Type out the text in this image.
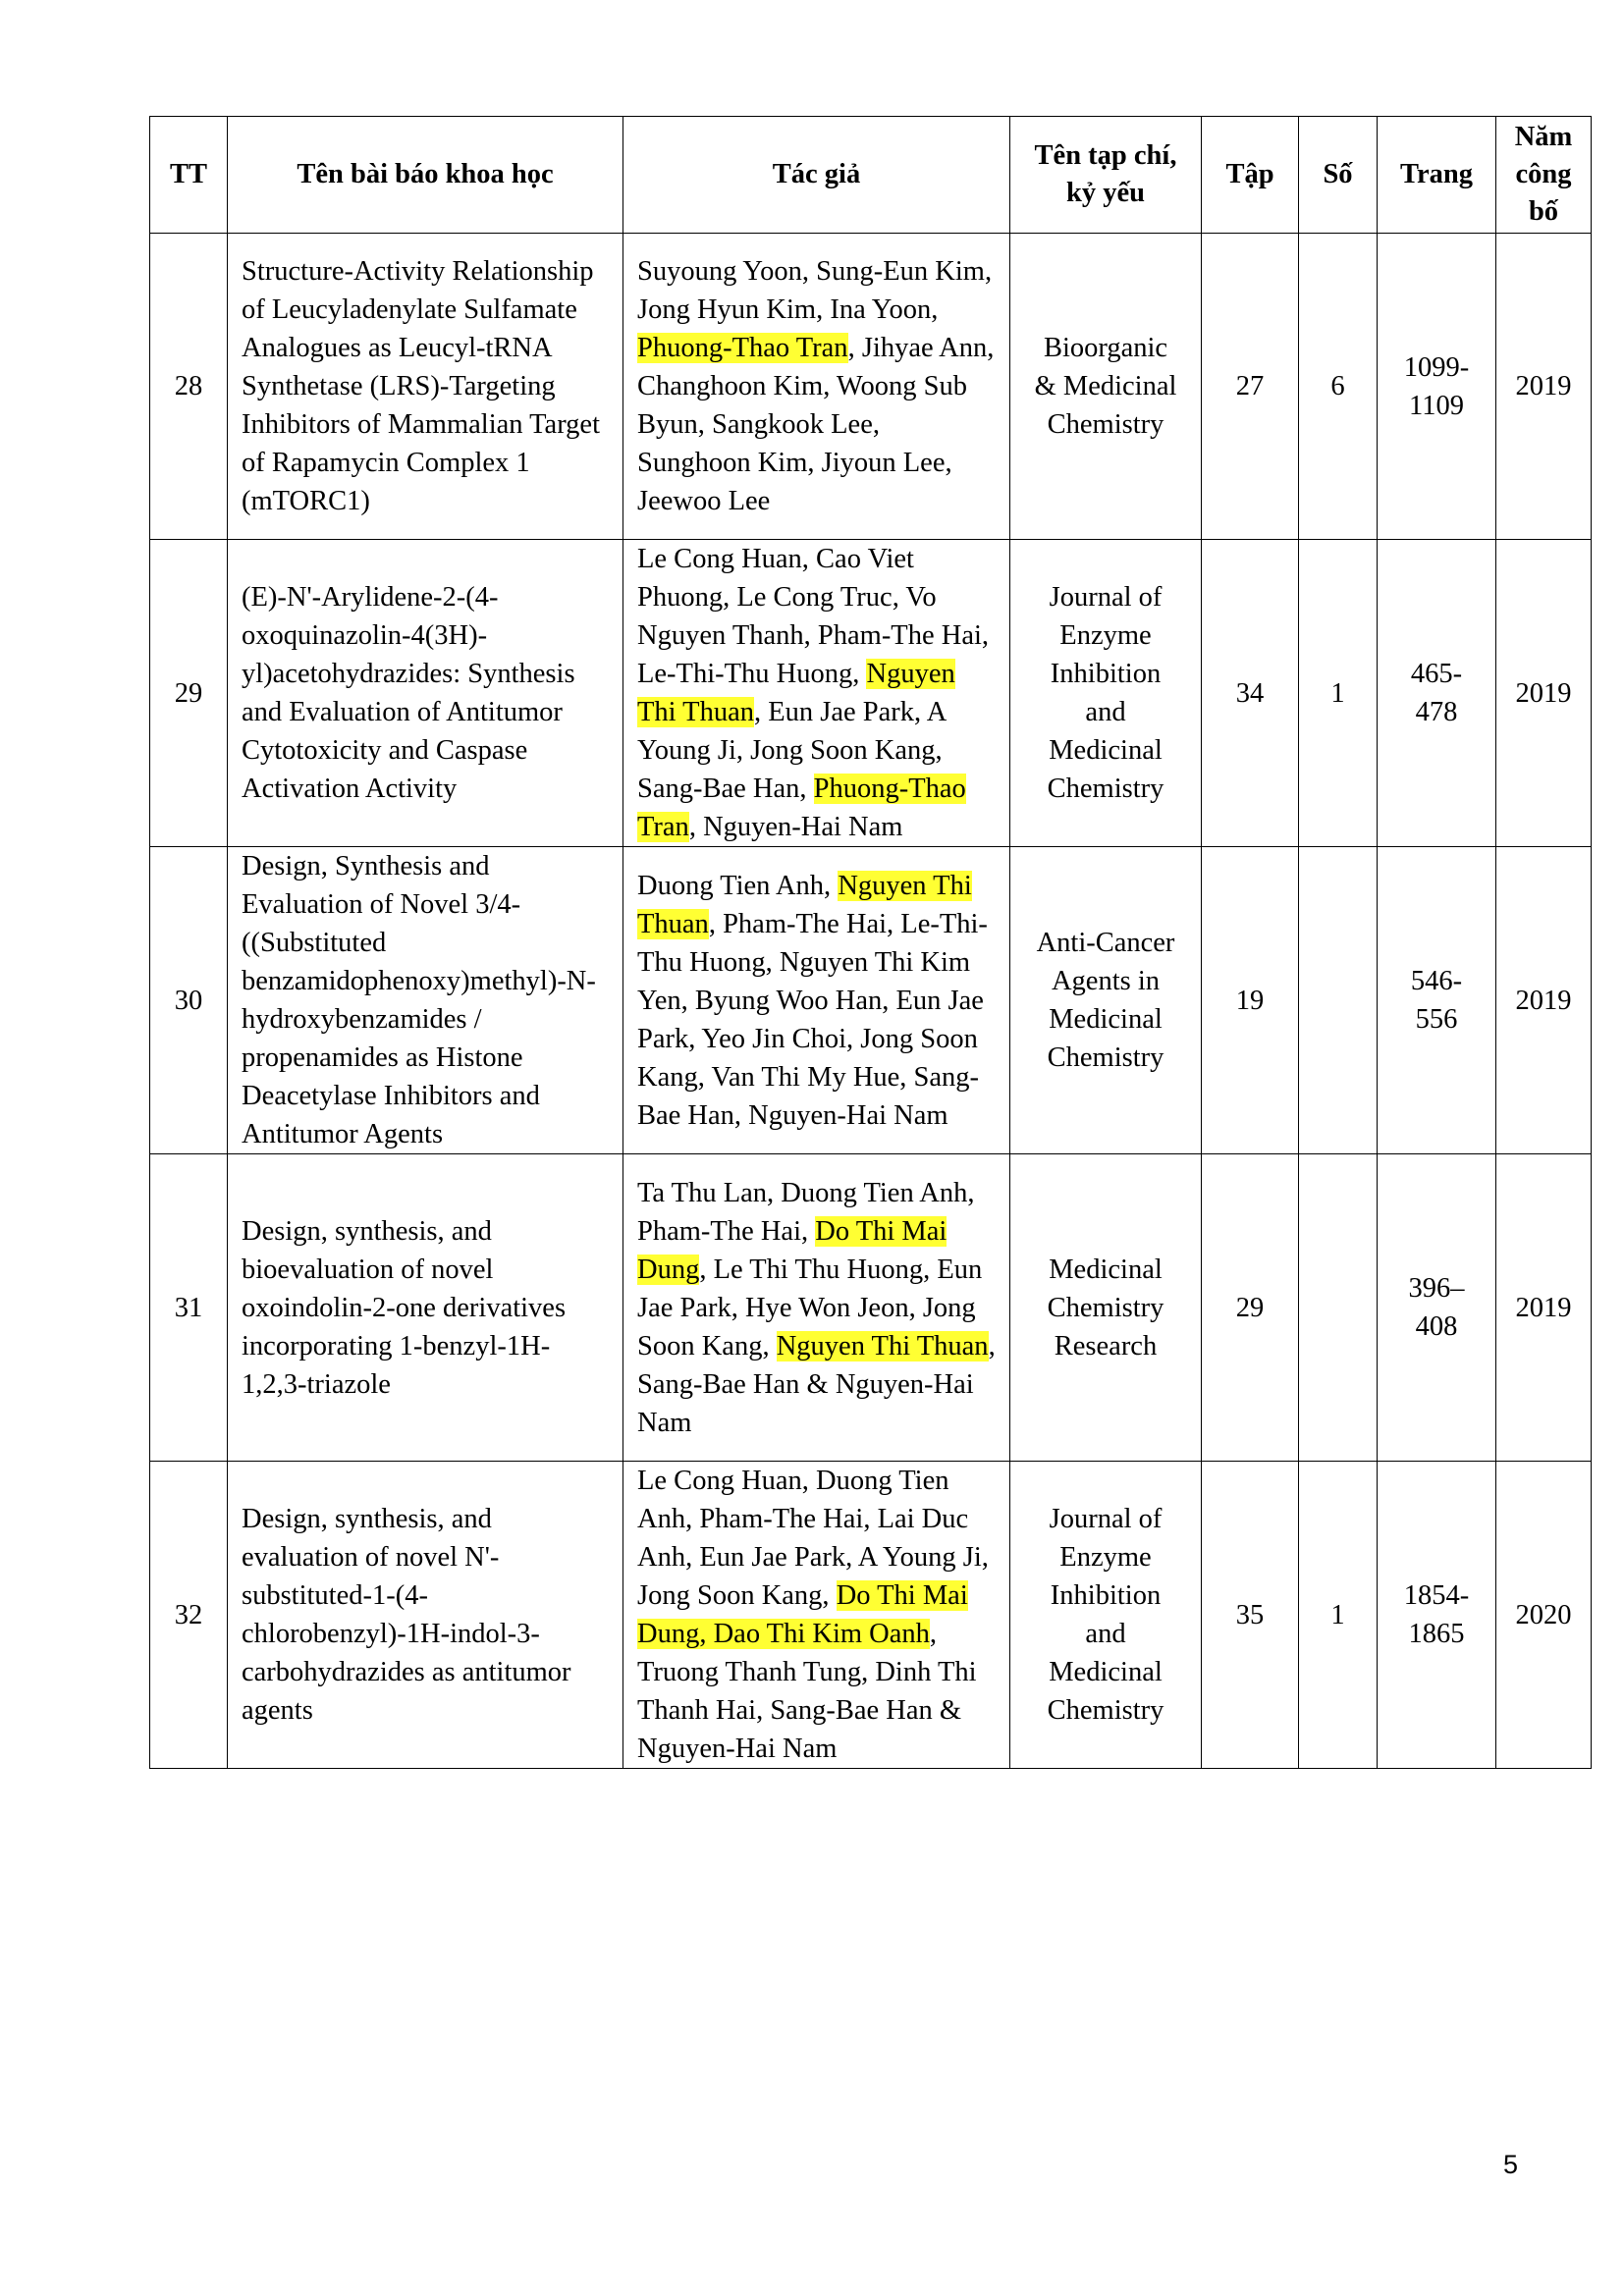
TT	Tên bài báo khoa học	Tác giả	Tên tạp chí, kỷ yếu	Tập	Số	Trang	Năm công bố
28	Structure-Activity Relationship of Leucyladenylate Sulfamate Analogues as Leucyl-tRNA Synthetase (LRS)-Targeting Inhibitors of Mammalian Target of Rapamycin Complex 1 (mTORC1)	Suyoung Yoon, Sung-Eun Kim, Jong Hyun Kim, Ina Yoon, Phuong-Thao Tran, Jihyae Ann, Changhoon Kim, Woong Sub Byun, Sangkook Lee, Sunghoon Kim, Jiyoun Lee, Jeewoo Lee	Bioorganic & Medicinal Chemistry	27	6	1099-1109	2019
29	(E)-N'-Arylidene-2-(4-oxoquinazolin-4(3H)-yl)acetohydrazides: Synthesis and Evaluation of Antitumor Cytotoxicity and Caspase Activation Activity	Le Cong Huan, Cao Viet Phuong, Le Cong Truc, Vo Nguyen Thanh, Pham-The Hai, Le-Thi-Thu Huong, Nguyen Thi Thuan, Eun Jae Park, A Young Ji, Jong Soon Kang, Sang-Bae Han, Phuong-Thao Tran, Nguyen-Hai Nam	Journal of Enzyme Inhibition and Medicinal Chemistry	34	1	465-478	2019
30	Design, Synthesis and Evaluation of Novel 3/4-((Substituted benzamidophenoxy)methyl)-N-hydroxybenzamides / propenamides as Histone Deacetylase Inhibitors and Antitumor Agents	Duong Tien Anh, Nguyen Thi Thuan, Pham-The Hai, Le-Thi-Thu Huong, Nguyen Thi Kim Yen, Byung Woo Han, Eun Jae Park, Yeo Jin Choi, Jong Soon Kang, Van Thi My Hue, Sang-Bae Han, Nguyen-Hai Nam	Anti-Cancer Agents in Medicinal Chemistry	19		546-556	2019
31	Design, synthesis, and bioevaluation of novel oxoindolin-2-one derivatives incorporating 1-benzyl-1H-1,2,3-triazole	Ta Thu Lan, Duong Tien Anh, Pham-The Hai, Do Thi Mai Dung, Le Thi Thu Huong, Eun Jae Park, Hye Won Jeon, Jong Soon Kang, Nguyen Thi Thuan, Sang-Bae Han & Nguyen-Hai Nam	Medicinal Chemistry Research	29		396–408	2019
32	Design, synthesis, and evaluation of novel N'-substituted-1-(4-chlorobenzyl)-1H-indol-3-carbohydrazides as antitumor agents	Le Cong Huan, Duong Tien Anh, Pham-The Hai, Lai Duc Anh, Eun Jae Park, A Young Ji, Jong Soon Kang, Do Thi Mai Dung, Dao Thi Kim Oanh, Truong Thanh Tung, Dinh Thi Thanh Hai, Sang-Bae Han & Nguyen-Hai Nam	Journal of Enzyme Inhibition and Medicinal Chemistry	35	1	1854-1865	2020
5
